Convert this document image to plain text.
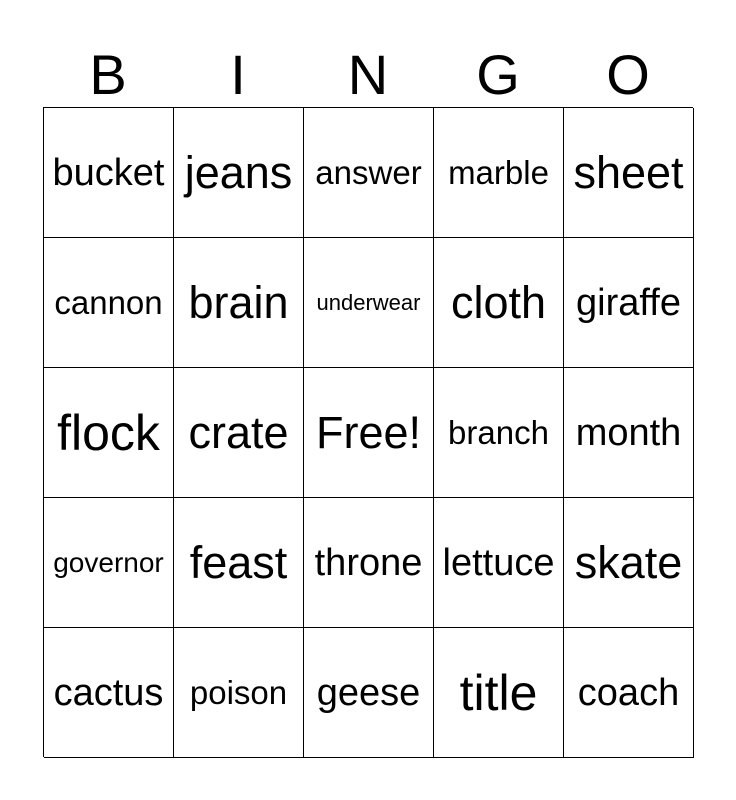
B	I	N	G	O
bucket jeans answer marble sheet
cannon brain	underwear cloth giraffe
flock crate Free! branch month
governor feast throne lettuce skate
cactus poison geese title	coach
